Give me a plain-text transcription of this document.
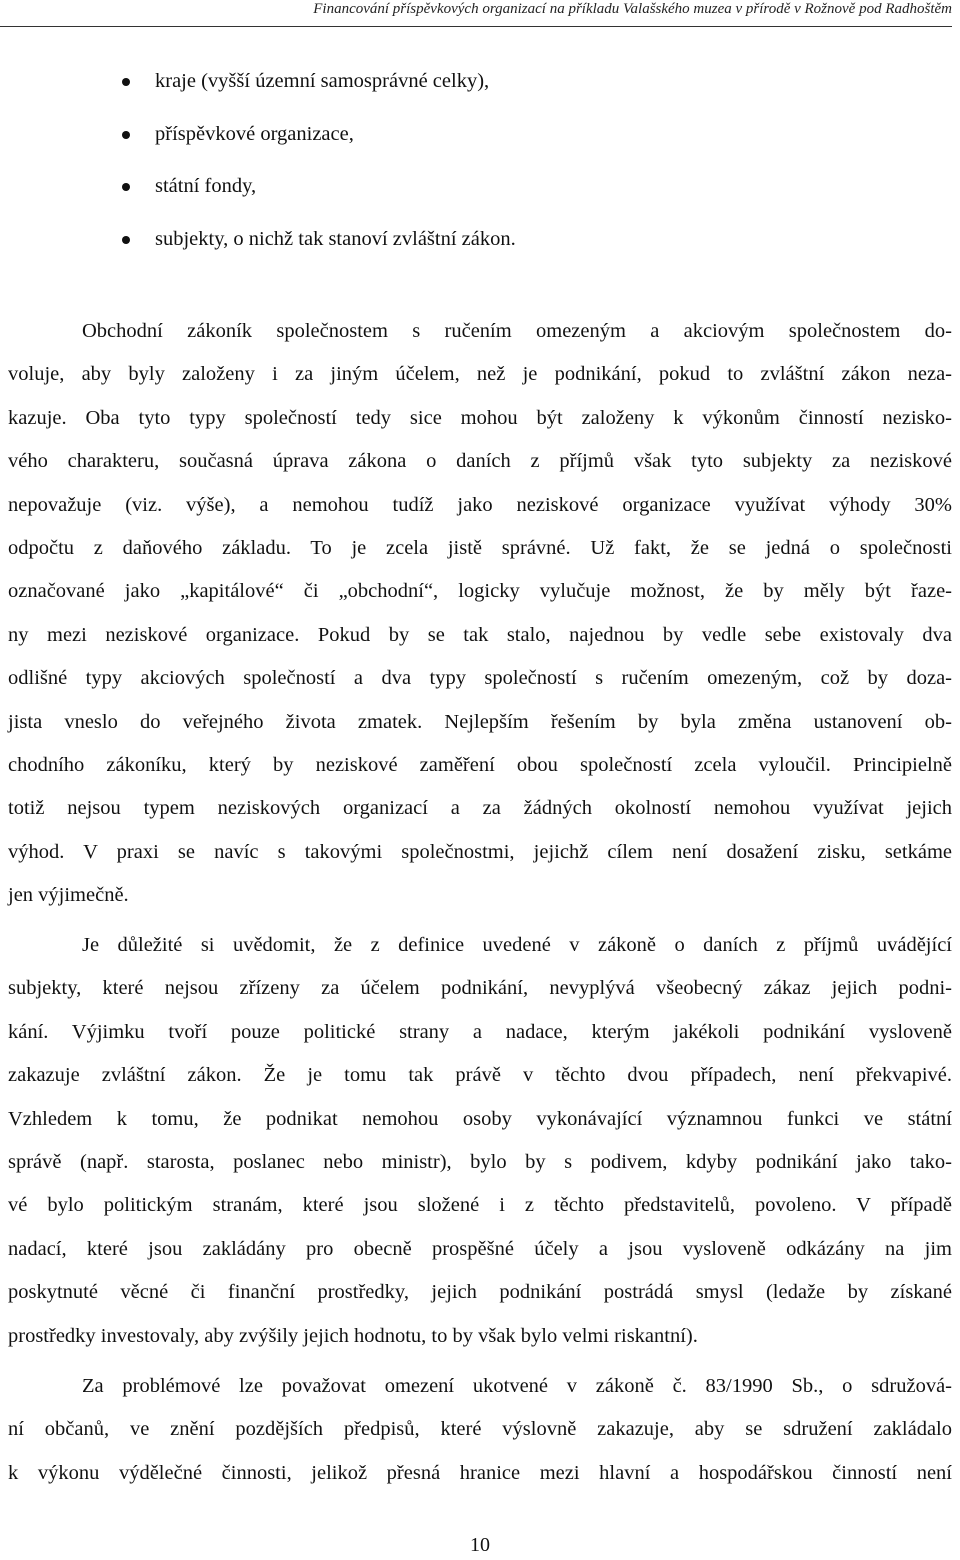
Financování příspěvkových organizací na příkladu Valašského muzea v přírodě v Rožnově pod Radhoštěm
kraje (vyšší územní samosprávné celky),
příspěvkové organizace,
státní fondy,
subjekty, o nichž tak stanoví zvláštní zákon.

Obchodní zákoník společnostem s ručením omezeným a akciovým společnostem do-
voluje, aby byly založeny i za jiným účelem, než je podnikání, pokud to zvláštní zákon neza-
kazuje. Oba tyto typy společností tedy sice mohou být založeny k výkonům činností nezisko-
vého charakteru, současná úprava zákona o daních z příjmů však tyto subjekty za neziskové
nepovažuje (viz. výše), a nemohou tudíž jako neziskové organizace využívat výhody 30%
odpočtu z daňového základu. To je zcela jistě správné. Už fakt, že se jedná o společnosti
označované jako „kapitálové“ či „obchodní“, logicky vylučuje možnost, že by měly být řaze-
ny mezi neziskové organizace. Pokud by se tak stalo, najednou by vedle sebe existovaly dva
odlišné typy akciových společností a dva typy společností s ručením omezeným, což by doza-
jista vneslo do veřejného života zmatek. Nejlepším řešením by byla změna ustanovení ob-
chodního zákoníku, který by neziskové zaměření obou společností zcela vyloučil. Principielně
totiž nejsou typem neziskových organizací a za žádných okolností nemohou využívat jejich
výhod. V praxi se navíc s takovými společnostmi, jejichž cílem není dosažení zisku, setkáme
jen výjimečně.

Je důležité si uvědomit, že z definice uvedené v zákoně o daních z příjmů uvádějící
subjekty, které nejsou zřízeny za účelem podnikání, nevyplývá všeobecný zákaz jejich podni-
kání. Výjimku tvoří pouze politické strany a nadace, kterým jakékoli podnikání vysloveně
zakazuje zvláštní zákon. Že je tomu tak právě v těchto dvou případech, není překvapivé.
Vzhledem k tomu, že podnikat nemohou osoby vykonávající významnou funkci ve státní
správě (např. starosta, poslanec nebo ministr), bylo by s podivem, kdyby podnikání jako tako-
vé bylo politickým stranám, které jsou složené i z těchto představitelů, povoleno. V případě
nadací, které jsou zakládány pro obecně prospěšné účely a jsou vysloveně odkázány na jim
poskytnuté věcné či finanční prostředky, jejich podnikání postrádá smysl (ledaže by získané
prostředky investovaly, aby zvýšily jejich hodnotu, to by však bylo velmi riskantní).

Za problémové lze považovat omezení ukotvené v zákoně č. 83/1990 Sb., o sdružová-
ní občanů, ve znění pozdějších předpisů, které výslovně zakazuje, aby se sdružení zakládalo
k výkonu výdělečné činnosti, jelikož přesná hranice mezi hlavní a hospodářskou činností není

10
